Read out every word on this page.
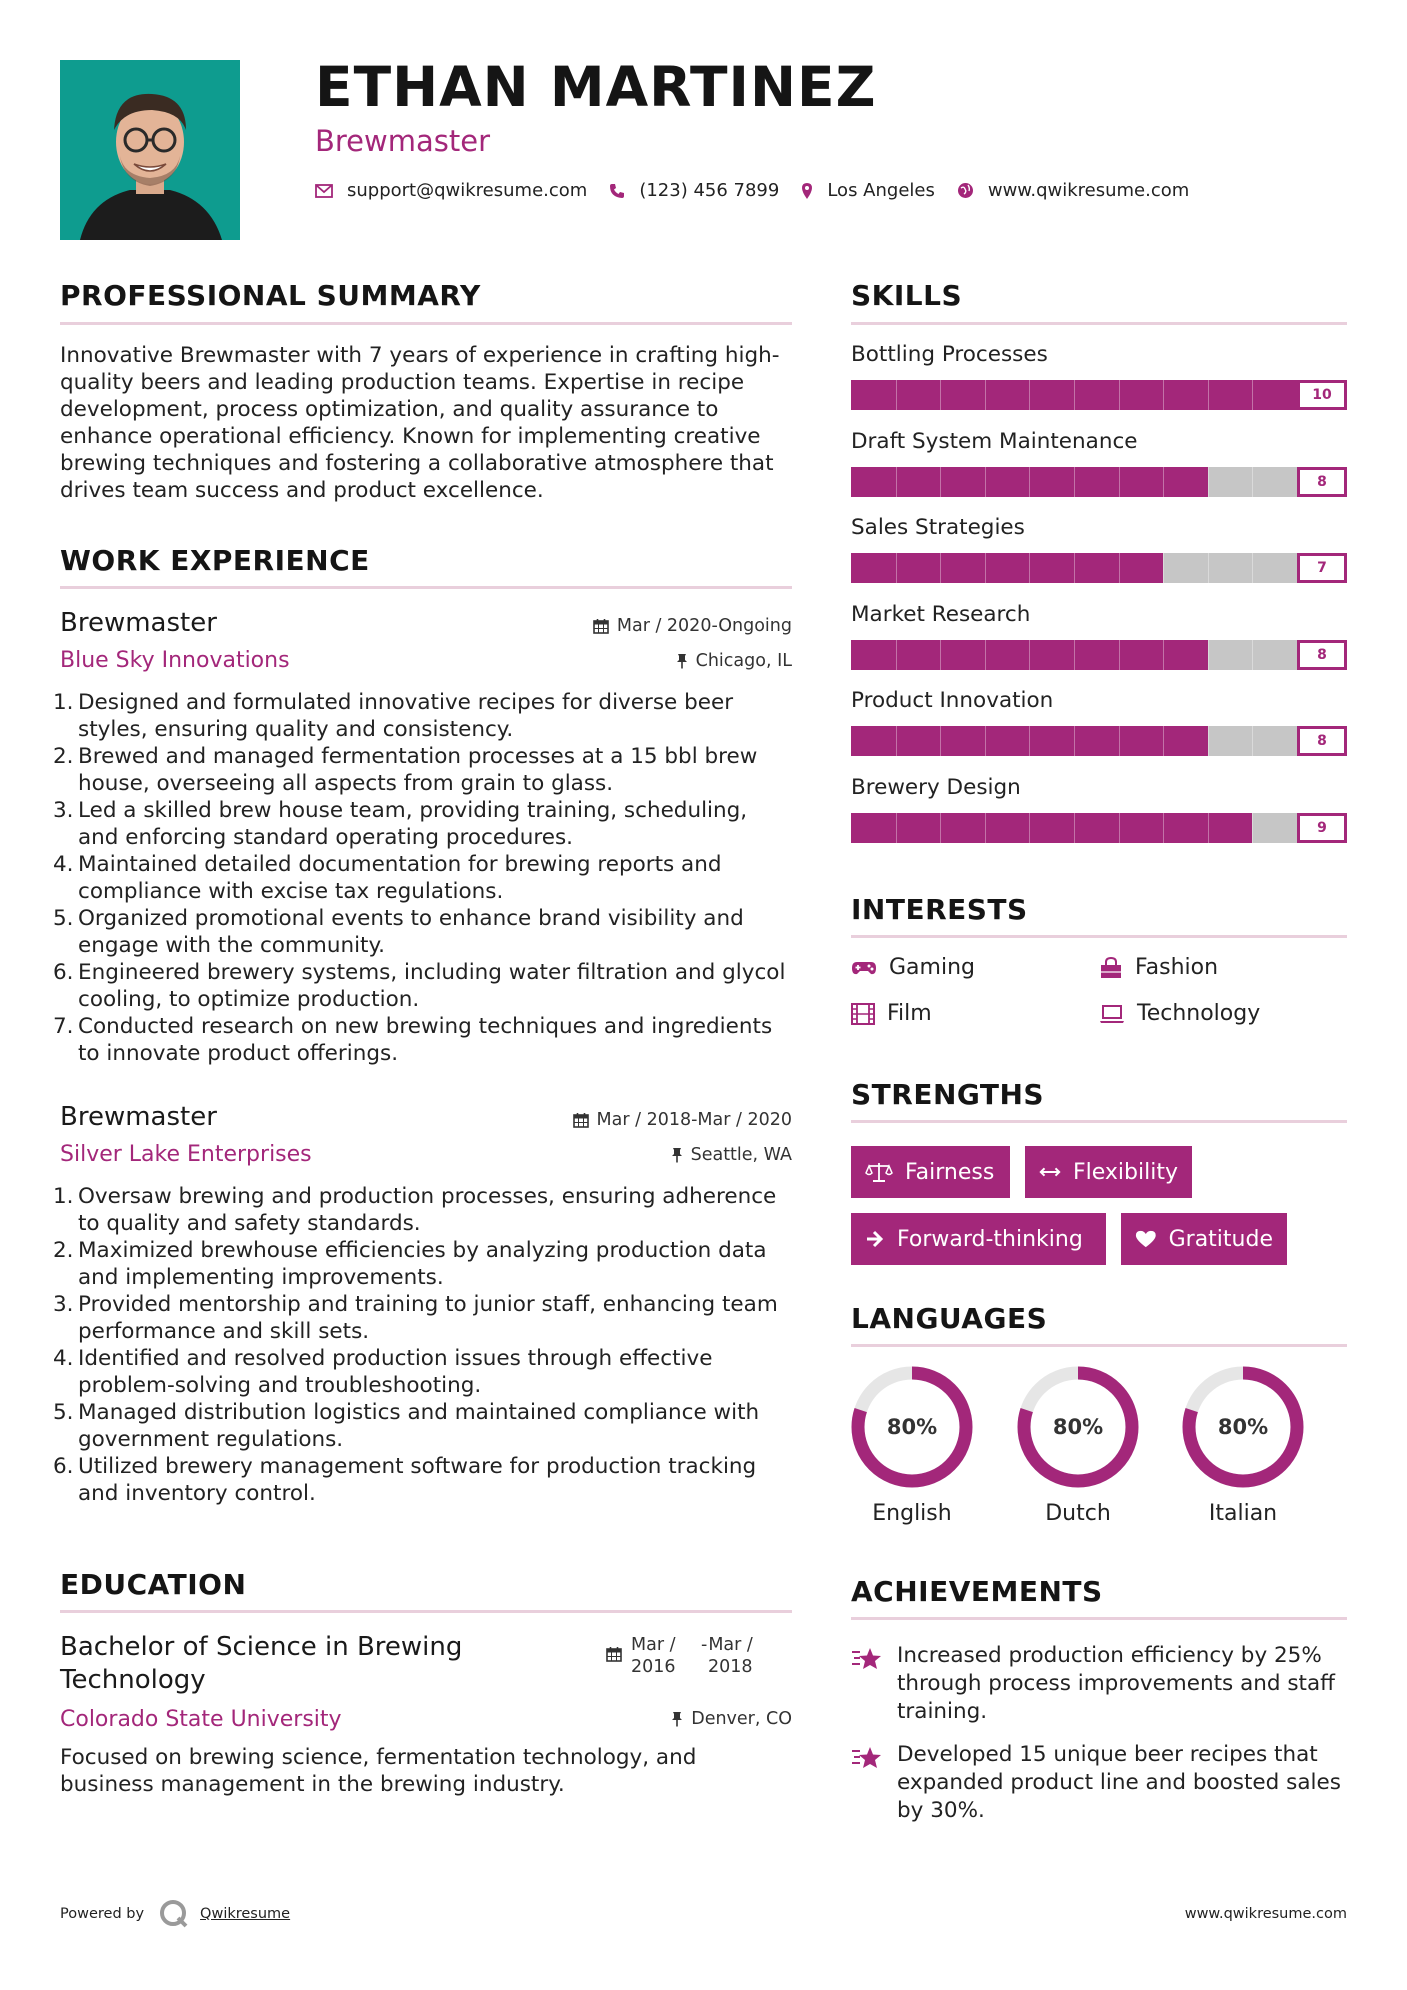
ETHAN MARTINEZ
Brewmaster
support@qwikresume.com	(123) 456 7899	Los Angeles	www.qwikresume.com
PROFESSIONAL SUMMARY
Innovative Brewmaster with 7 years of experience in crafting high-quality beers and leading production teams. Expertise in recipe development, process optimization, and quality assurance to enhance operational efficiency. Known for implementing creative brewing techniques and fostering a collaborative atmosphere that drives team success and product excellence.
WORK EXPERIENCE
Brewmaster	Mar / 2020-Ongoing
Blue Sky Innovations	Chicago, IL
1. Designed and formulated innovative recipes for diverse beer styles, ensuring quality and consistency.
2. Brewed and managed fermentation processes at a 15 bbl brew house, overseeing all aspects from grain to glass.
3. Led a skilled brew house team, providing training, scheduling, and enforcing standard operating procedures.
4. Maintained detailed documentation for brewing reports and compliance with excise tax regulations.
5. Organized promotional events to enhance brand visibility and engage with the community.
6. Engineered brewery systems, including water filtration and glycol cooling, to optimize production.
7. Conducted research on new brewing techniques and ingredients to innovate product offerings.
Brewmaster	Mar / 2018-Mar / 2020
Silver Lake Enterprises	Seattle, WA
1. Oversaw brewing and production processes, ensuring adherence to quality and safety standards.
2. Maximized brewhouse efficiencies by analyzing production data and implementing improvements.
3. Provided mentorship and training to junior staff, enhancing team performance and skill sets.
4. Identified and resolved production issues through effective problem-solving and troubleshooting.
5. Managed distribution logistics and maintained compliance with government regulations.
6. Utilized brewery management software for production tracking and inventory control.
EDUCATION
Bachelor of Science in Brewing
Technology
Mar /
2016
- Mar /
2018
Colorado State University	Denver, CO
Focused on brewing science, fermentation technology, and business management in the brewing industry.
SKILLS
Bottling Processes
10
Draft System Maintenance
8
Sales Strategies
7
Market Research
8
Product Innovation
8
Brewery Design
9
INTERESTS
Gaming	Fashion
Film	Technology
STRENGTHS
Fairness	Flexibility
Forward-thinking	Gratitude
LANGUAGES
80%
English
80%
Dutch
80%
Italian
ACHIEVEMENTS
Increased production efficiency by 25% through process improvements and staff training.
Developed 15 unique beer recipes that expanded product line and boosted sales by 30%.
Powered by	Qwikresume	www.qwikresume.com
